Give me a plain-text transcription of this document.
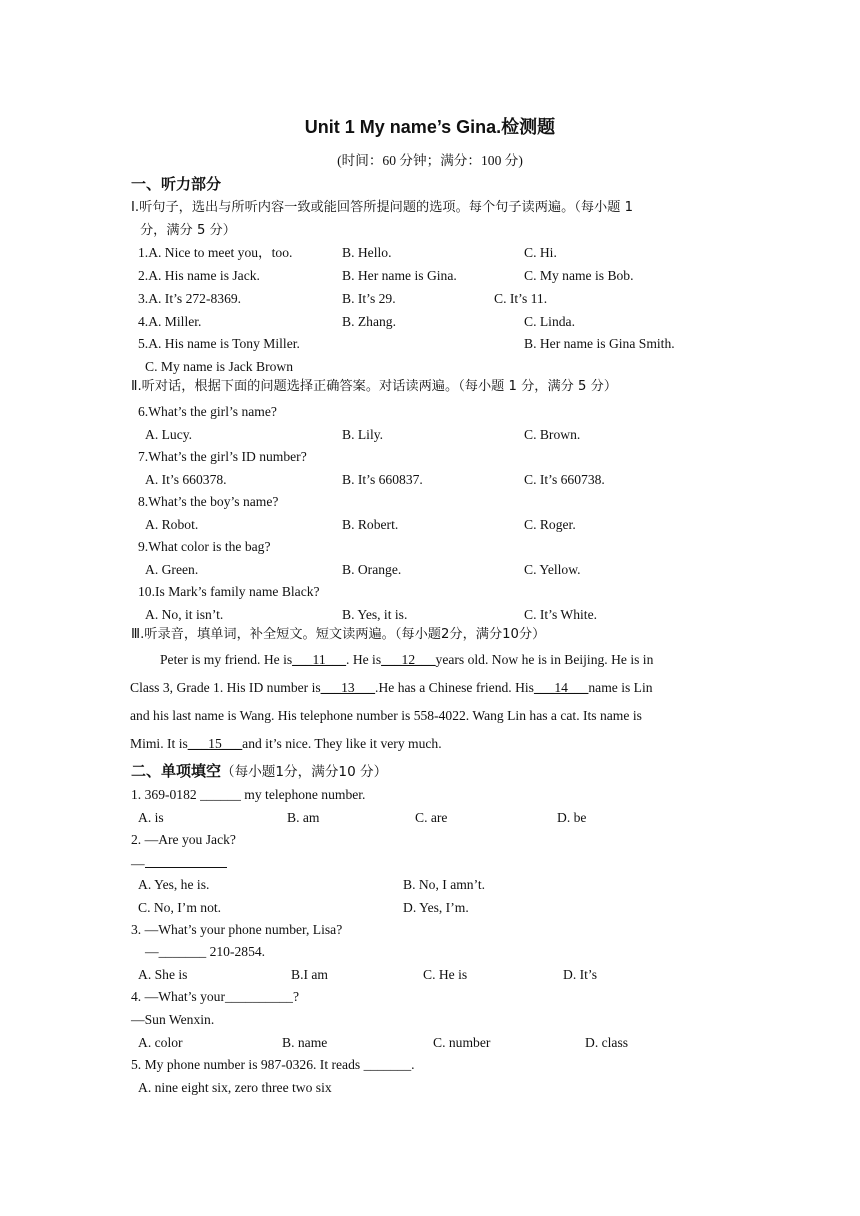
Unit 1 My name’s Gina.检测题
(时间：60 分钟；满分：100 分)
一、听力部分
Ⅰ.听句子，选出与所听内容一致或能回答所提问题的选项。每个句子读两遍。（每小题 1
分，满分 5 分）
1.A. Nice to meet you，too.	B. Hello.	C. Hi.
2.A. His name is Jack.	B. Her name is Gina.	C. My name is Bob.
3.A. It’s 272-8369.	B. It’s 29.	C. It’s 11.
4.A. Miller.	B. Zhang.	C. Linda.
5.A. His name is Tony Miller.	B. Her name is Gina Smith.
C. My name is Jack Brown
Ⅱ.听对话，根据下面的问题选择正确答案。对话读两遍。（每小题 1 分，满分 5 分）
6.What’s the girl’s name?
A. Lucy.	B. Lily.	C. Brown.
7.What’s the girl’s ID number?
A. It’s 660378.	B. It’s 660837.	C. It’s 660738.
8.What’s the boy’s name?
A. Robot.	B. Robert.	C. Roger.
9.What color is the bag?
A. Green.	B. Orange.	C. Yellow.
10.Is Mark’s family name Black?
A. No, it isn’t.	B. Yes, it is.	C. It’s White.
Ⅲ.听录音，填单词，补全短文。短文读两遍。（每小题2分，满分10分）
Peter is my friend. He is___11___. He is___12___years old. Now he is in Beijing. He is in
Class 3, Grade 1. His ID number is___13___.He has a Chinese friend. His___14___name is Lin
and his last name is Wang. His telephone number is 558-4022. Wang Lin has a cat. Its name is
Mimi. It is___15___and it’s nice. They like it very much.
二、单项填空（每小题1分，满分10 分）
1. 369-0182 ______ my telephone number.
A. is	B. am	C. are	D. be
2. —Are you Jack?
—
A. Yes, he is.	B. No, I amn’t.
C. No, I’m not.	D. Yes, I’m.
3. —What’s your phone number, Lisa?
—_______ 210-2854.
A. She is	B.I am	C. He is	D. It’s
4. —What’s your__________?
—Sun Wenxin.
A. color	B. name	C. number	D. class
5. My phone number is 987-0326. It reads _______.
A. nine eight six, zero three two six
